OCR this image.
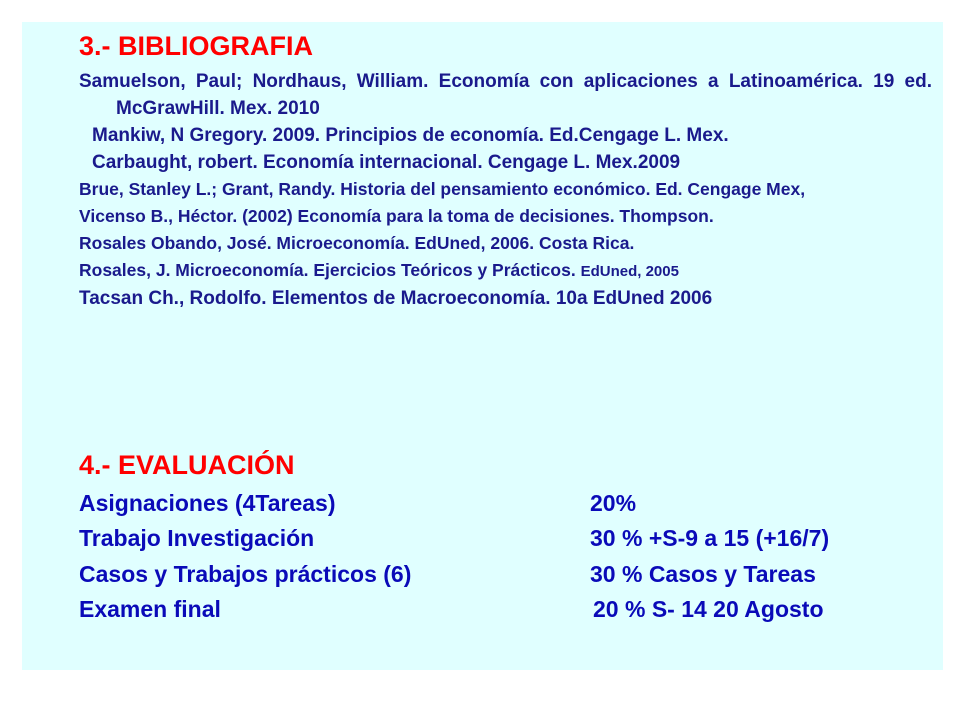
3.- BIBLIOGRAFIA

Samuelson, Paul; Nordhaus, William. Economía con aplicaciones a Latinoamérica. 19 ed. McGrawHill. Mex. 2010

Mankiw, N Gregory. 2009. Principios de economía. Ed.Cengage L. Mex.

Carbaught, robert. Economía internacional. Cengage L. Mex.2009

Brue, Stanley L.; Grant, Randy. Historia del pensamiento económico. Ed. Cengage Mex,

Vicenso B., Héctor. (2002) Economía para la toma de decisiones. Thompson.

Rosales Obando, José. Microeconomía. EdUned, 2006. Costa Rica.

Rosales, J. Microeconomía. Ejercicios Teóricos y Prácticos. EdUned, 2005

Tacsan Ch., Rodolfo. Elementos de Macroeconomía. 10a EdUned 2006

4.- EVALUACIÓN
Asignaciones (4Tareas)	20%
Trabajo Investigación	30 % +S-9 a 15 (+16/7)
Casos y Trabajos prácticos (6)	30 % Casos y Tareas
Examen final	20 % S- 14 20 Agosto
